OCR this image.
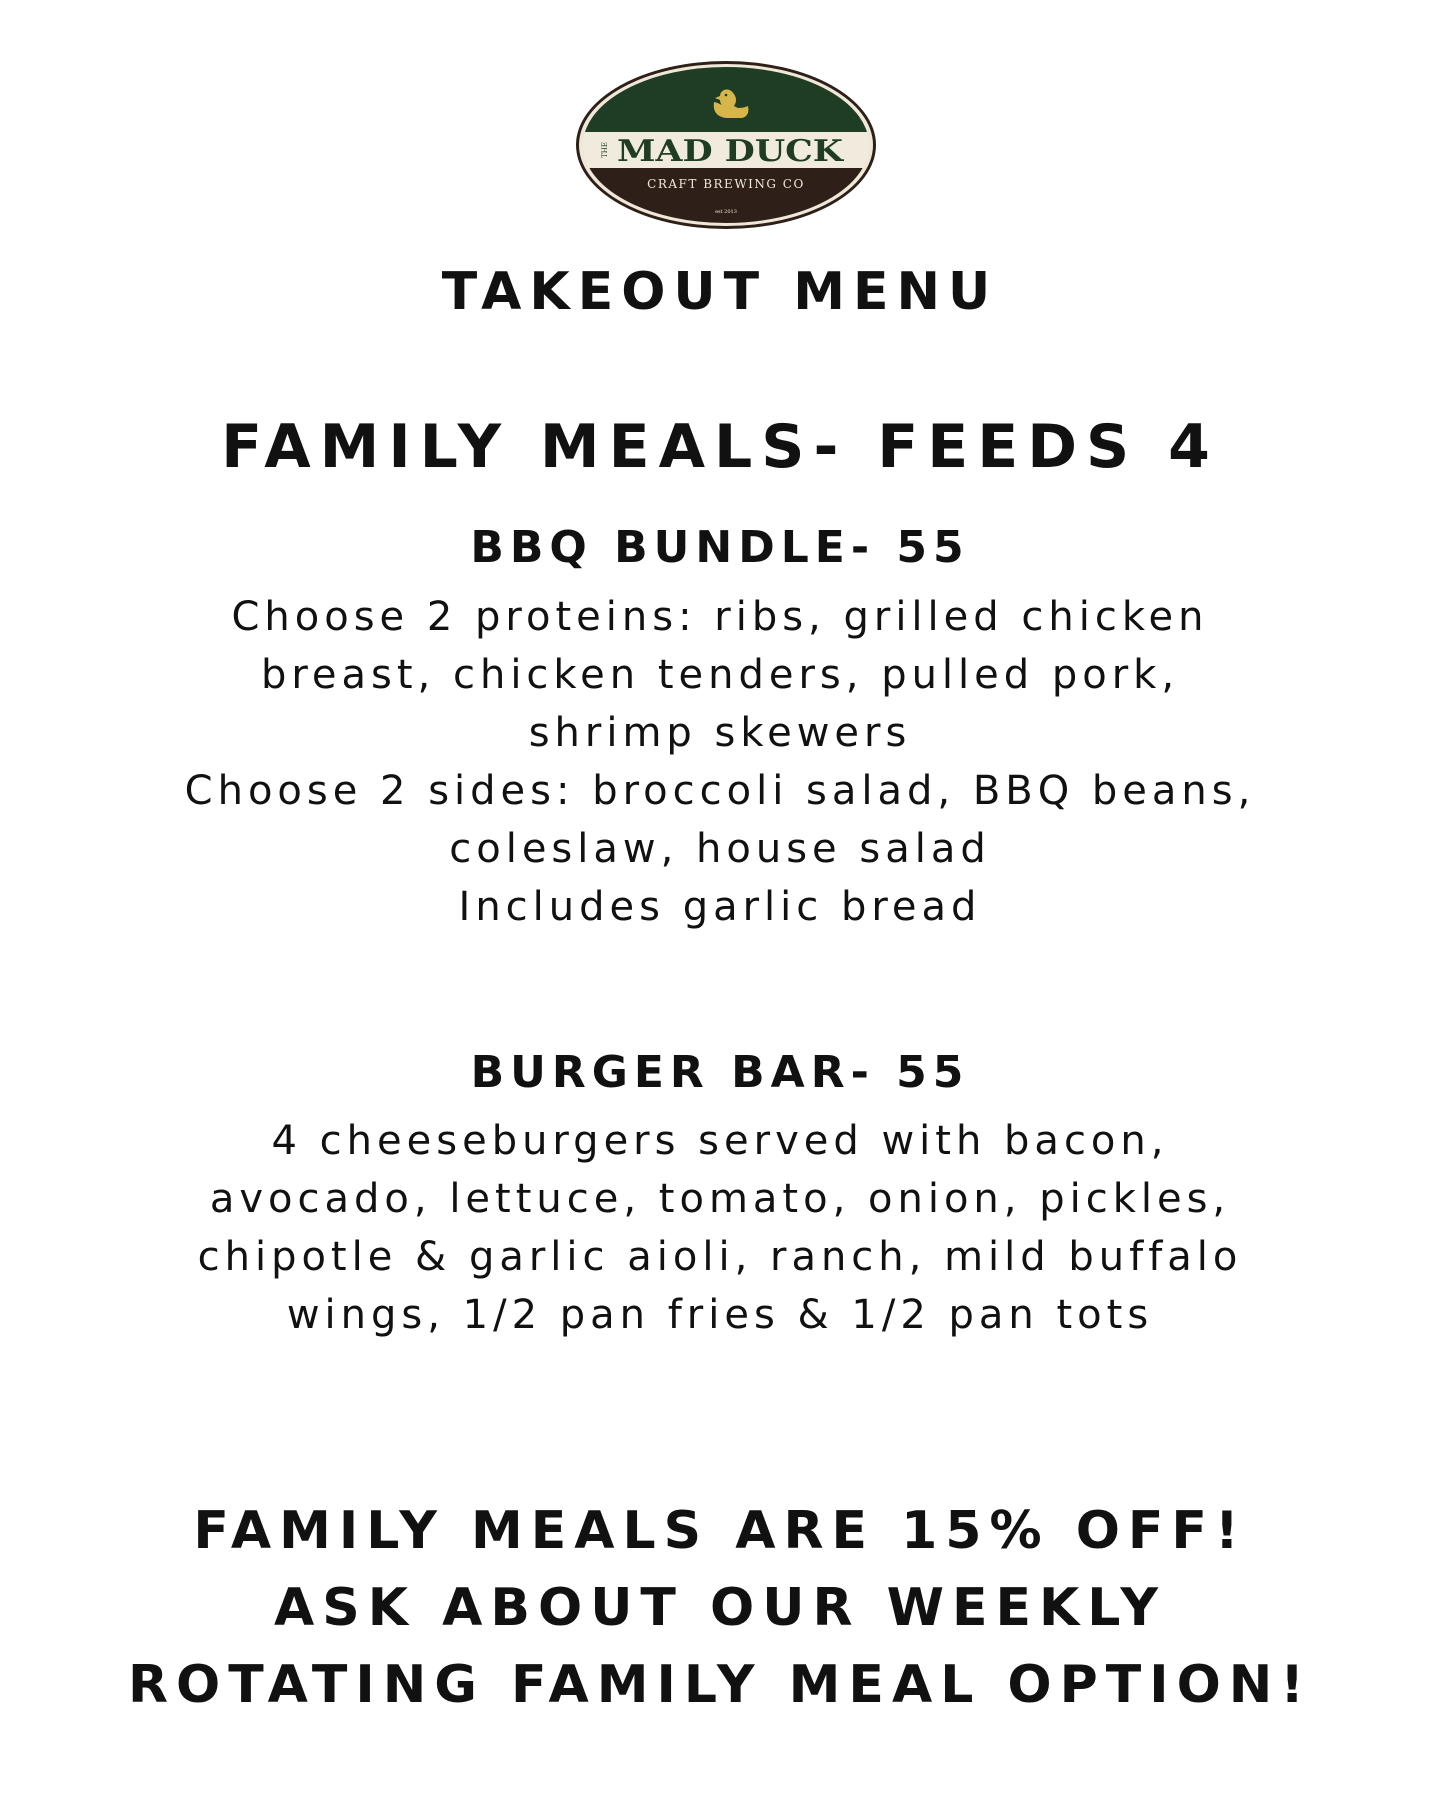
THE MAD DUCK
CRAFT BREWING CO
est 2013
TAKEOUT MENU
FAMILY MEALS- FEEDS 4
BBQ BUNDLE- 55
Choose 2 proteins: ribs, grilled chicken
breast, chicken tenders, pulled pork,
shrimp skewers
Choose 2 sides: broccoli salad, BBQ beans,
coleslaw, house salad
Includes garlic bread
BURGER BAR- 55
4 cheeseburgers served with bacon,
avocado, lettuce, tomato, onion, pickles,
chipotle & garlic aioli, ranch, mild buffalo
wings, 1/2 pan fries & 1/2 pan tots
FAMILY MEALS ARE 15% OFF!
ASK ABOUT OUR WEEKLY
ROTATING FAMILY MEAL OPTION!
